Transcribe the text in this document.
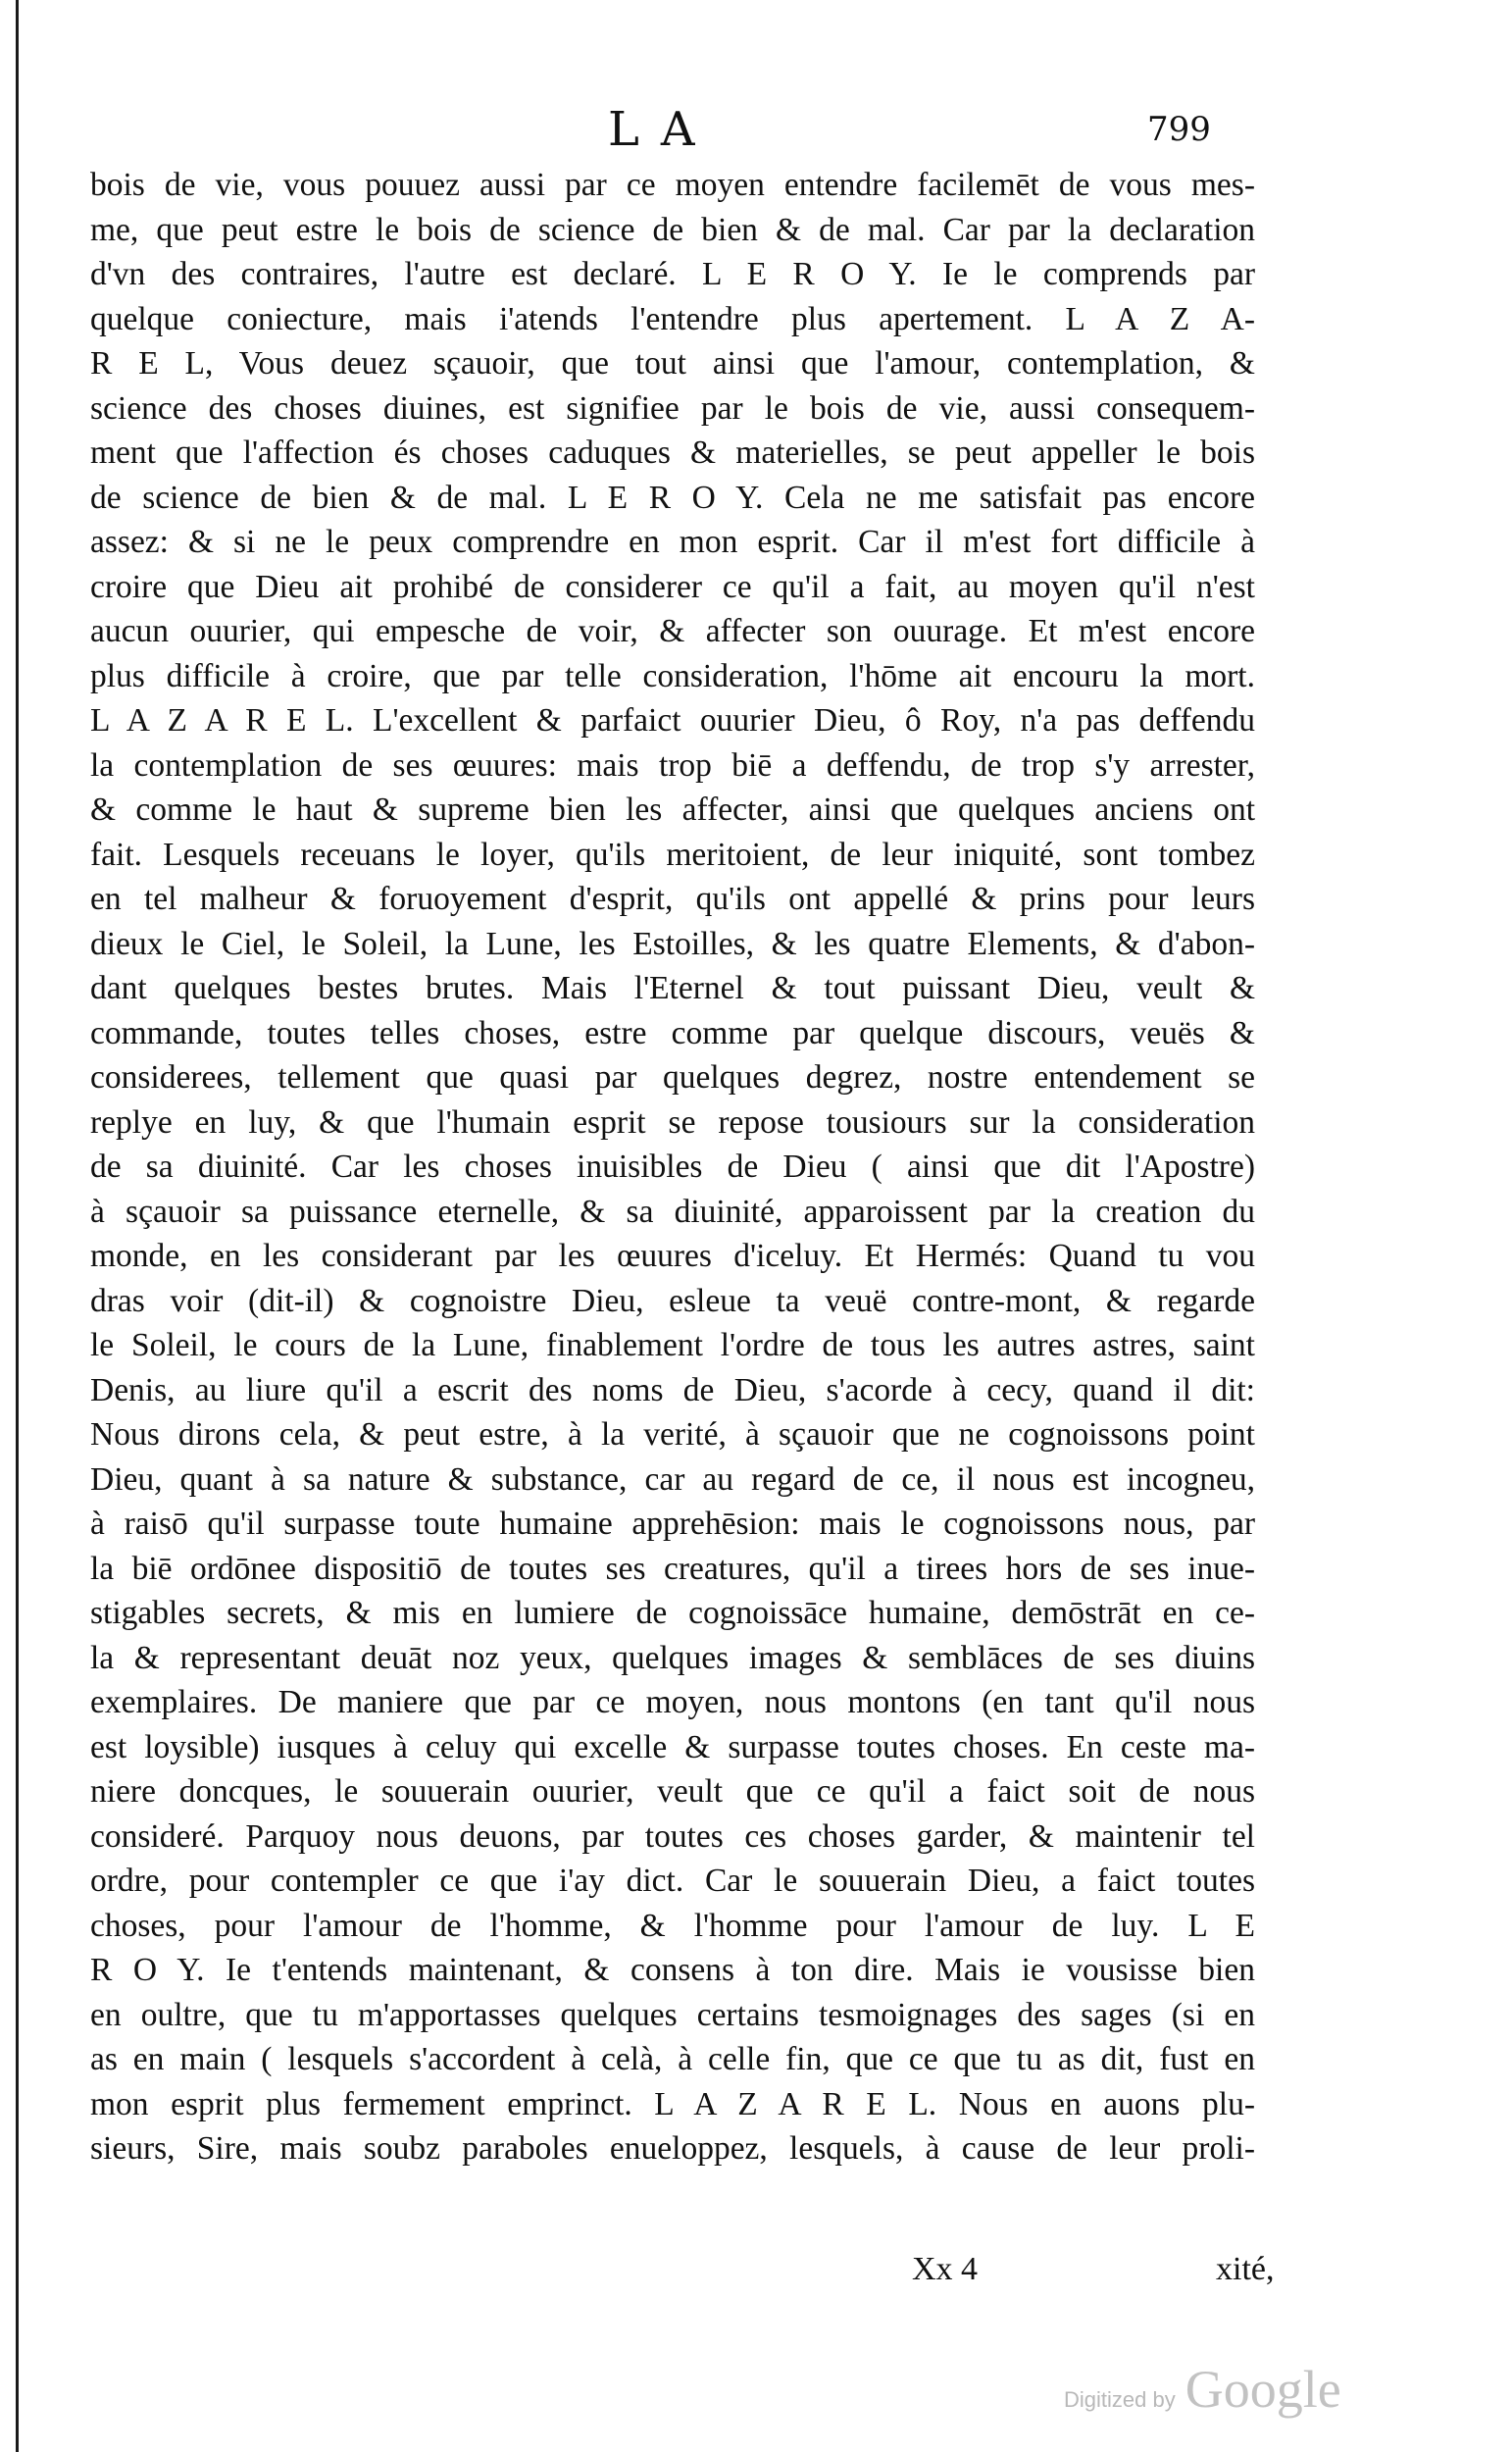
LA	799
bois de vie, vous pouuez aussi par ce moyen entendre facilemēt de vous mes-
me, que peut estre le bois de science de bien & de mal. Car par la declaration
d'vn des contraires, l'autre est declaré. L E R O Y. Ie le comprends par
quelque coniecture, mais i'atends l'entendre plus apertement. L A Z A-
R E L, Vous deuez sçauoir, que tout ainsi que l'amour, contemplation, &
science des choses diuines, est signifiee par le bois de vie, aussi consequem-
ment que l'affection és choses caduques & materielles, se peut appeller le bois
de science de bien & de mal. L E R O Y. Cela ne me satisfait pas encore
assez: & si ne le peux comprendre en mon esprit. Car il m'est fort difficile à
croire que Dieu ait prohibé de considerer ce qu'il a fait, au moyen qu'il n'est
aucun ouurier, qui empesche de voir, & affecter son ouurage. Et m'est encore
plus difficile à croire, que par telle consideration, l'hōme ait encouru la mort.
L A Z A R E L. L'excellent & parfaict ouurier Dieu, ô Roy, n'a pas deffendu
la contemplation de ses œuures: mais trop biē a deffendu, de trop s'y arrester,
& comme le haut & supreme bien les affecter, ainsi que quelques anciens ont
fait. Lesquels receuans le loyer, qu'ils meritoient, de leur iniquité, sont tombez
en tel malheur & foruoyement d'esprit, qu'ils ont appellé & prins pour leurs
dieux le Ciel, le Soleil, la Lune, les Estoilles, & les quatre Elements, & d'abon-
dant quelques bestes brutes. Mais l'Eternel & tout puissant Dieu, veult &
commande, toutes telles choses, estre comme par quelque discours, veuës &
considerees, tellement que quasi par quelques degrez, nostre entendement se
replye en luy, & que l'humain esprit se repose tousiours sur la consideration
de sa diuinité. Car les choses inuisibles de Dieu ( ainsi que dit l'Apostre)
à sçauoir sa puissance eternelle, & sa diuinité, apparoissent par la creation du
monde, en les considerant par les œuures d'iceluy. Et Hermés: Quand tu vou
dras voir (dit-il) & cognoistre Dieu, esleue ta veuë contre-mont, & regarde
le Soleil, le cours de la Lune, finablement l'ordre de tous les autres astres, saint
Denis, au liure qu'il a escrit des noms de Dieu, s'acorde à cecy, quand il dit:
Nous dirons cela, & peut estre, à la verité, à sçauoir que ne cognoissons point
Dieu, quant à sa nature & substance, car au regard de ce, il nous est incogneu,
à raisō qu'il surpasse toute humaine apprehēsion: mais le cognoissons nous, par
la biē ordōnee dispositiō de toutes ses creatures, qu'il a tirees hors de ses inue-
stigables secrets, & mis en lumiere de cognoissāce humaine, demōstrāt en ce-
la & representant deuāt noz yeux, quelques images & semblāces de ses diuins
exemplaires. De maniere que par ce moyen, nous montons (en tant qu'il nous
est loysible) iusques à celuy qui excelle & surpasse toutes choses. En ceste ma-
niere doncques, le souuerain ouurier, veult que ce qu'il a faict soit de nous
consideré. Parquoy nous deuons, par toutes ces choses garder, & maintenir tel
ordre, pour contempler ce que i'ay dict. Car le souuerain Dieu, a faict toutes
choses, pour l'amour de l'homme, & l'homme pour l'amour de luy. L E
R O Y. Ie t'entends maintenant, & consens à ton dire. Mais ie vousisse bien
en oultre, que tu m'apportasses quelques certains tesmoignages des sages (si en
as en main ( lesquels s'accordent à celà, à celle fin, que ce que tu as dit, fust en
mon esprit plus fermement emprinct. L A Z A R E L. Nous en auons plu-
sieurs, Sire, mais soubz paraboles enueloppez, lesquels, à cause de leur proli-
Xx 4	xité,
Digitized by Google
